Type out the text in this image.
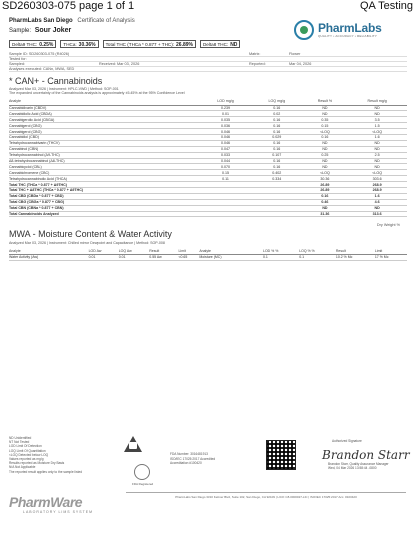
SD260303-075 page 1 of 1	QA Testing
PharmLabs San Diego Certificate of Analysis
Sample: Sour Joker	PharmLabs
QUALITY • ACCURACY • RELIABILITY
Delta9 THC: 0.25%	THCa: 30.36%	Total THC (THCa * 0.877 + THC): 26.89%	Delta8 THC: ND
Sample ID: SD260303-075 (R4026)	Matrix:	Flower
Tested for:
Sampled:	Received: Mar 03, 2026	Reported:	Mar 04, 2026
Analyses executed: CANn, MWA, SED
* CAN+ - Cannabinoids
Analyzed Mar 03, 2026 | Instrument: HPLC-VWD | Method: SOP-001
The expanded uncertainty of the Cannabinoids analysis is approximately ±5.45% at the 95% Confidence Level
Analyte	LOD mg/g	LOQ mg/g	Result %	Result mg/g
Cannabidivarin (CBDV)	0.239	0.16	ND	ND
Cannabidiolic Acid (CBDA)	0.01	0.02	ND	ND
Cannabigerolic Acid (CBGA)	0.035	0.16	0.35	3.5
Cannabigerol (CBG)	0.036	0.16	0.15	1.5
Cannabigerol (CBG)	0.046	0.16	<LOQ	<LOQ
Cannabidiol (CBD)	0.046	0.029	0.16	1.6
Tetrahydrocannabivarin (THCV)	0.046	0.16	ND	ND
Cannabinol (CBN)	0.047	0.16	ND	ND
Tetrahydrocannabinol (Δ9-THC)	0.033	0.107	0.25	2.5
Δ8-tetrahydrocannabinol (Δ8-THC)	0.044	0.16	ND	ND
Cannabicyclol (CBL)	0.070	0.16	ND	ND
Cannabichromene (CBC)	0.15	0.402	<LOQ	<LOQ
Tetrahydrocannabinolic Acid (THCA)	0.11	0.334	30.36	303.6
Total THC (THCa * 0.877 + Δ9THC)			26.89	268.9
Total THC + Δ8THC (THCa * 0.877 + Δ9THC)			26.89	268.9
Total CBD (CBDa * 0.877 + CBD)			0.16	1.6
Total CBG (CBGa * 0.877 + CBG)			0.46	4.6
Total CBN (CBNa * 0.877 + CBN)			ND	ND
Total Cannabinoids Analyzed			31.36	313.6
Dry Weight %
MWA - Moisture Content & Water Activity
Analyzed Mar 03, 2026 | Instrument: Chilled mirror Dewpoint and Capacitance | Method: SOP-008
Analyte	LOD Aw	LOQ Aw	Result	Limit	Analyte	LOD % %	LOQ % %	Result	Limit
Water Activity (Aw)	0.01	0.01	0.55 Aw	<0.65	Moisture (MC)	0.1	0.1	10.2 % Mc	17 % Mc
ND Unidentified
NT Not Tested
LOD Limit Of Detection
LOQ Limit Of Quantitation
<LOQ Detected below LOQ
Values reported as mg/g
Results reported as Moisture Dry Basis
N/A Not Applicable
The reported result applies only to the sample listed
FDA Registered
FDA Number: 3016481913
ISO/IEC 17025:2017 Accredited
Accreditation #100420
Authorized Signature
Brandon Starr
Brandon Starr, Quality Assurance Manager
Wed, 04 Mar 2026 13:58:44 -0800
PharmLabs San Diego 3310 Kettner Blvd, Suite 102, San Diego, CA 92109 | LIC#: C8-0000027-LIC | ISO/IEC 17025:2017 Acc. #100420
PharmWare
LABORATORY LIMS SYSTEM
